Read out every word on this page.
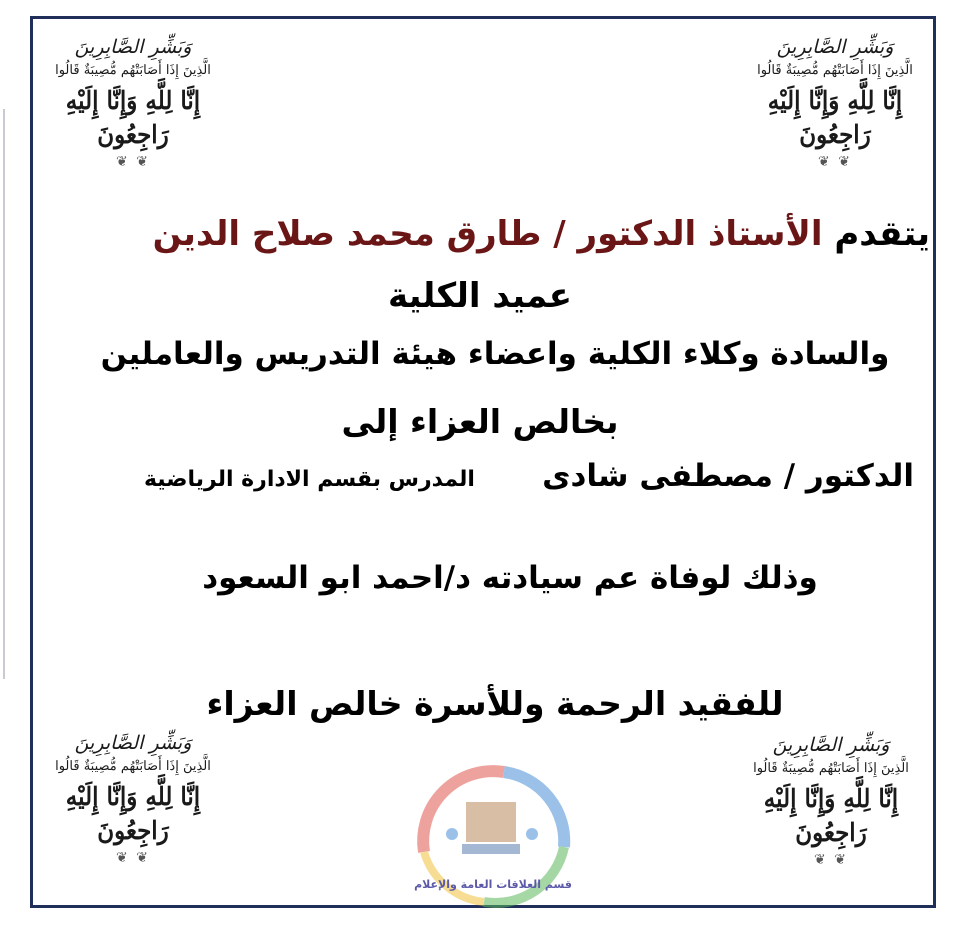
وَبَشِّرِ الصَّابِرِينَ
الَّذِينَ إِذَا أَصَابَتْهُم مُّصِيبَةٌ قَالُوا
إِنَّا لِلَّهِ وَإِنَّا إِلَيْهِ رَاجِعُونَ
❦ ❦
وَبَشِّرِ الصَّابِرِينَ
الَّذِينَ إِذَا أَصَابَتْهُم مُّصِيبَةٌ قَالُوا
إِنَّا لِلَّهِ وَإِنَّا إِلَيْهِ رَاجِعُونَ
❦ ❦
وَبَشِّرِ الصَّابِرِينَ
الَّذِينَ إِذَا أَصَابَتْهُم مُّصِيبَةٌ قَالُوا
إِنَّا لِلَّهِ وَإِنَّا إِلَيْهِ رَاجِعُونَ
❦ ❦
وَبَشِّرِ الصَّابِرِينَ
الَّذِينَ إِذَا أَصَابَتْهُم مُّصِيبَةٌ قَالُوا
إِنَّا لِلَّهِ وَإِنَّا إِلَيْهِ رَاجِعُونَ
❦ ❦
يتقدم الأستاذ الدكتور / طارق محمد صلاح الدين
عميد الكلية
والسادة وكلاء الكلية واعضاء هيئة التدريس والعاملين
بخالص العزاء إلى
الدكتور / مصطفى شادى  المدرس بقسم الادارة الرياضية
وذلك لوفاة عم سيادته د/احمد ابو السعود
للفقيد الرحمة وللأسرة خالص العزاء
قسم العلاقات العامة والإعلام
